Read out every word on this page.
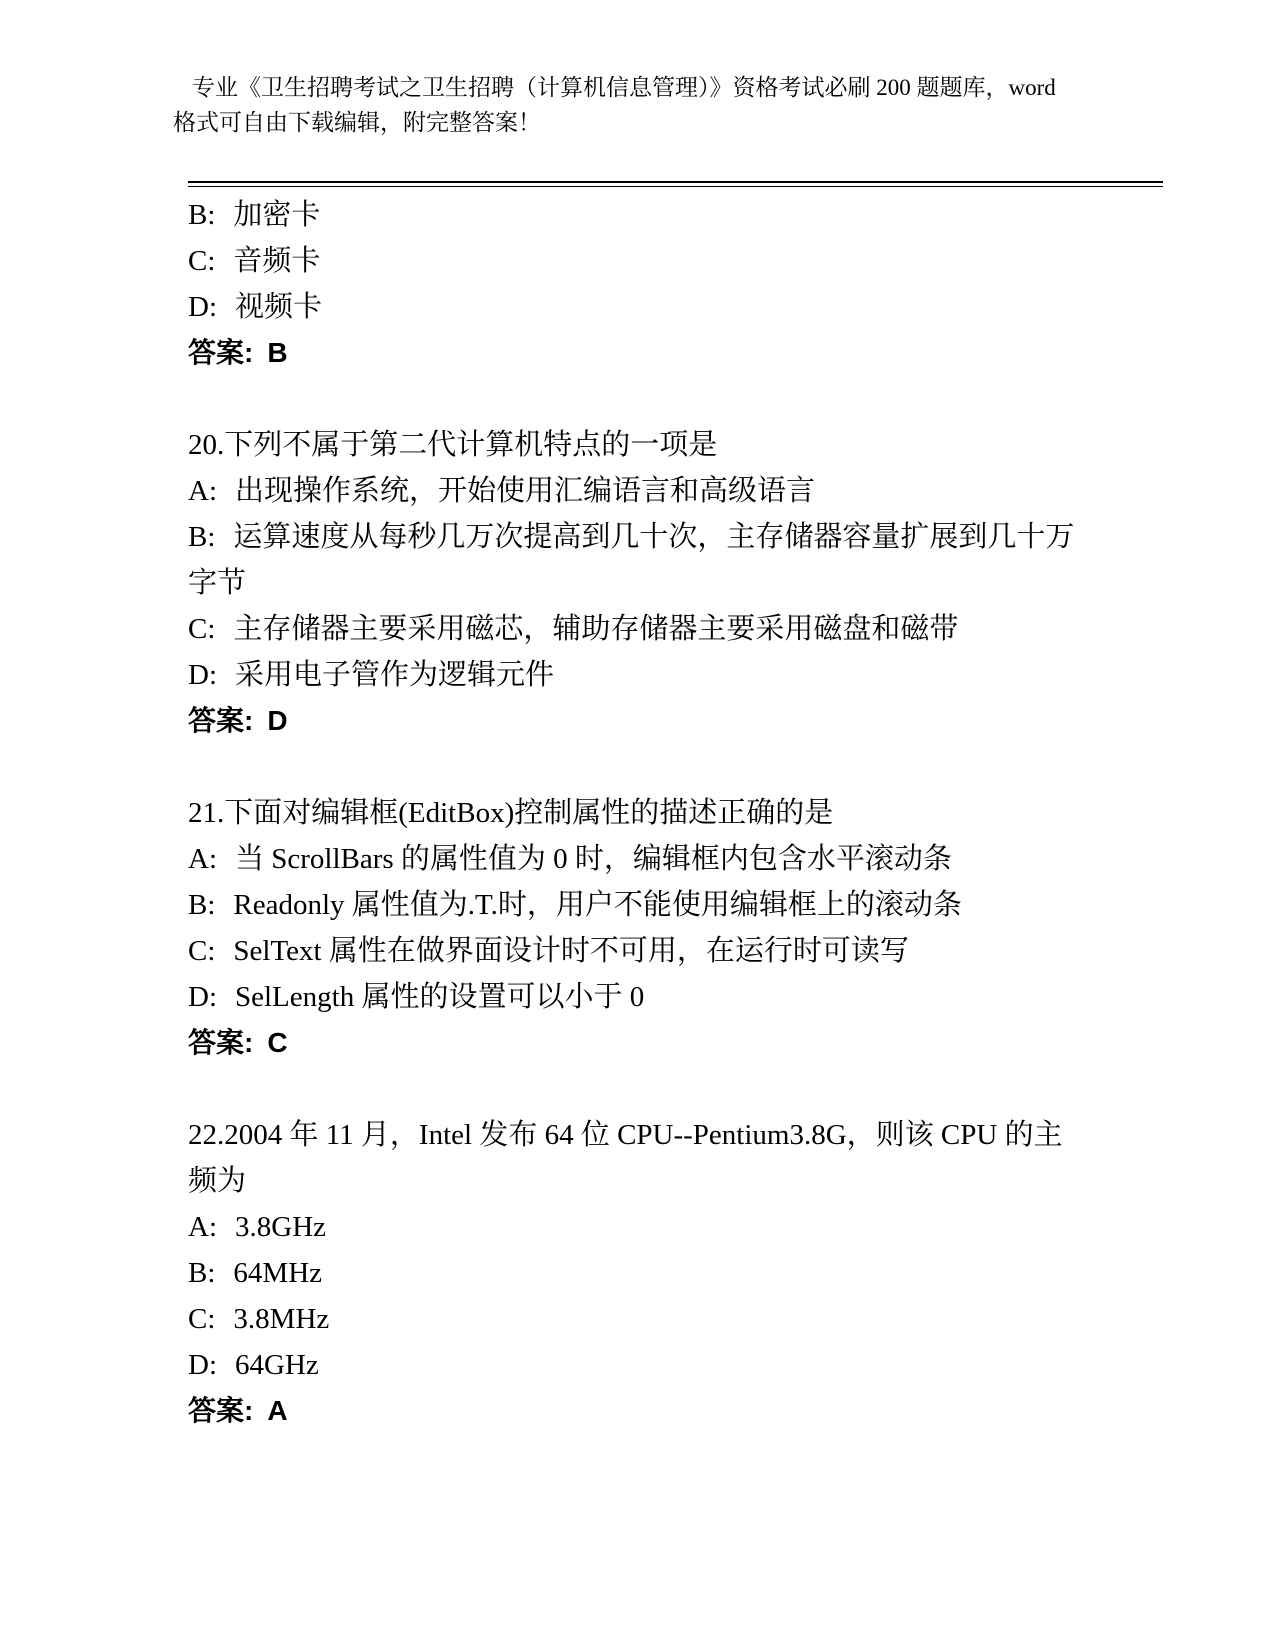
专业《卫生招聘考试之卫生招聘（计算机信息管理）》资格考试必刷 200 题题库，word 格式可自由下载编辑，附完整答案！

B: 加密卡

C: 音频卡

D: 视频卡

答案: B

20.下列不属于第二代计算机特点的一项是

A: 出现操作系统，开始使用汇编语言和高级语言

B: 运算速度从每秒几万次提高到几十次，主存储器容量扩展到几十万字节

C: 主存储器主要采用磁芯，辅助存储器主要采用磁盘和磁带

D: 采用电子管作为逻辑元件

答案: D

21.下面对编辑框(EditBox)控制属性的描述正确的是

A: 当 ScrollBars 的属性值为 0 时，编辑框内包含水平滚动条

B: Readonly 属性值为.T.时，用户不能使用编辑框上的滚动条

C: SelText 属性在做界面设计时不可用，在运行时可读写

D: SelLength 属性的设置可以小于 0

答案: C

22.2004 年 11 月，Intel 发布 64 位 CPU--Pentium3.8G，则该 CPU 的主频为

A: 3.8GHz

B: 64MHz

C: 3.8MHz

D: 64GHz

答案: A
